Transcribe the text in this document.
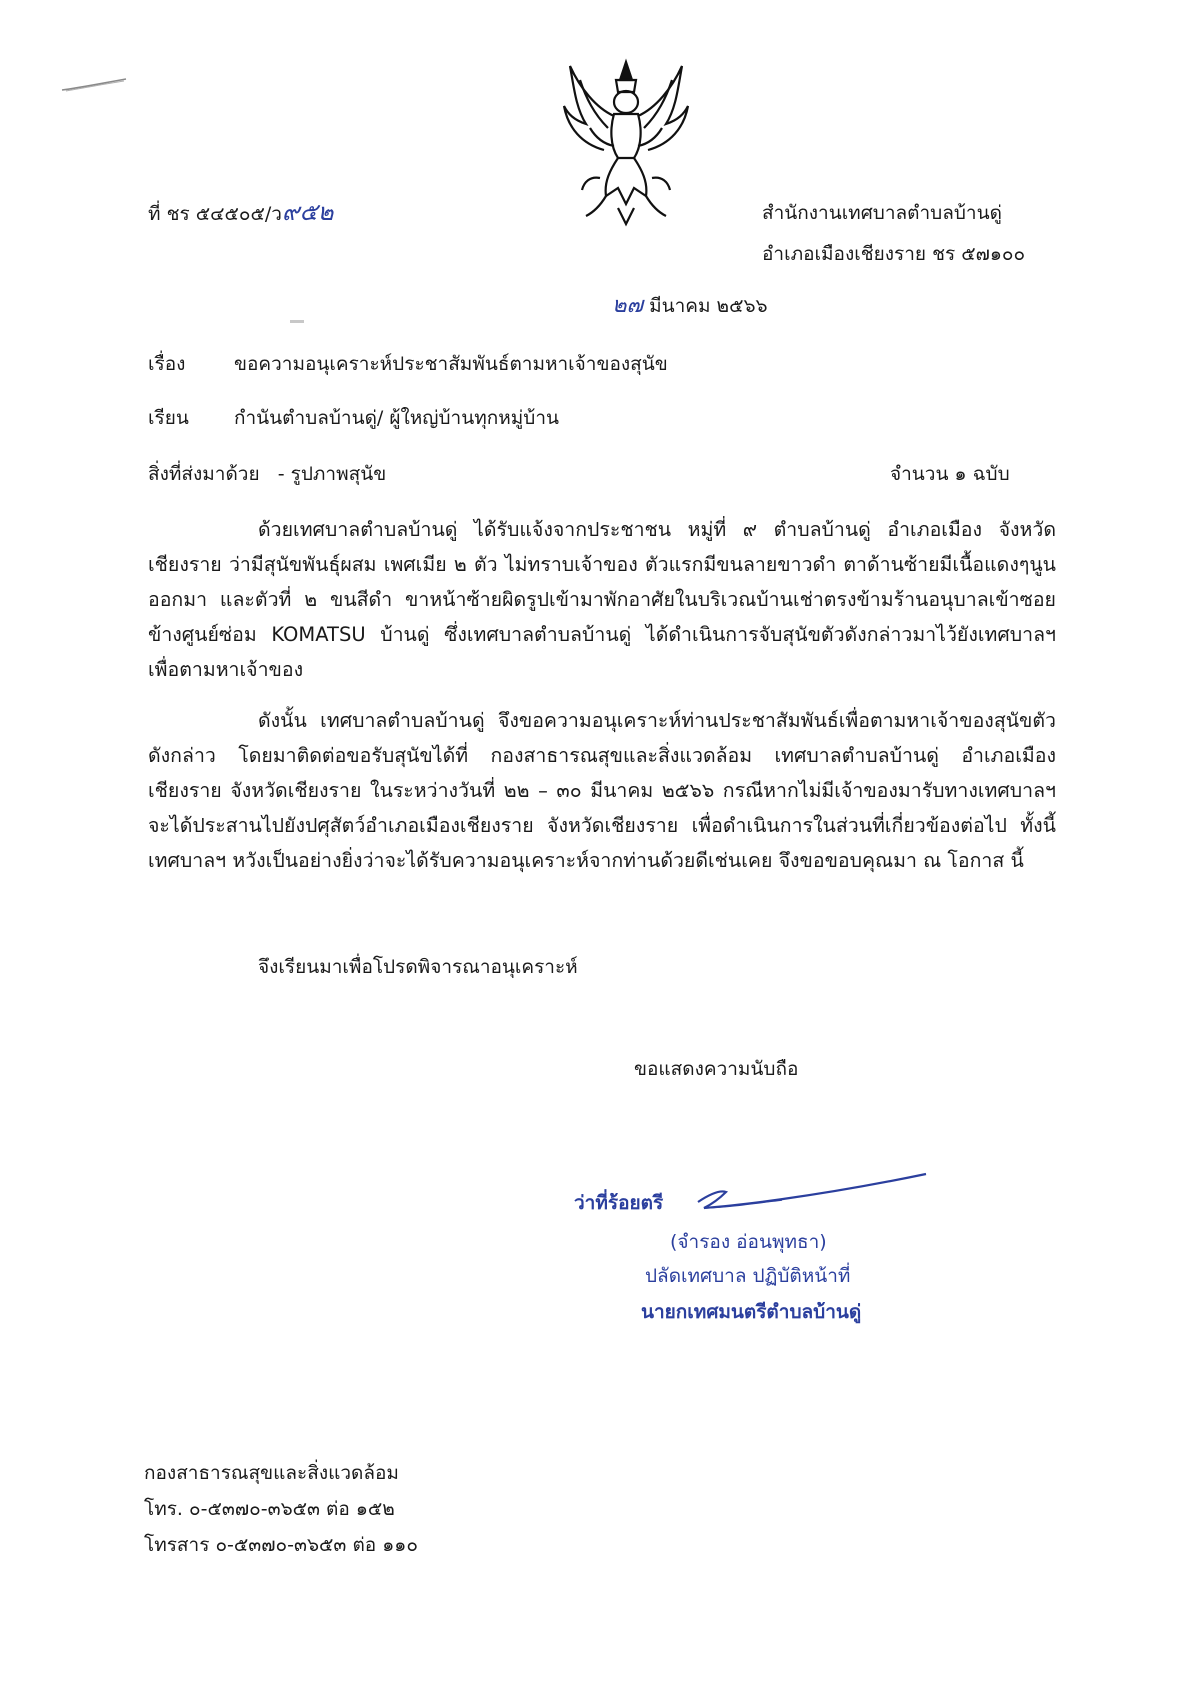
ที่ ชร ๕๔๕๐๕/ว๙๕๒	สำนักงานเทศบาลตำบลบ้านดู่
อำเภอเมืองเชียงราย ชร ๕๗๑๐๐
๒๗ มีนาคม ๒๕๖๖
เรื่อง	ขอความอนุเคราะห์ประชาสัมพันธ์ตามหาเจ้าของสุนัข
เรียน กำนันตำบลบ้านดู่/ ผู้ใหญ่บ้านทุกหมู่บ้าน
สิ่งที่ส่งมาด้วย - รูปภาพสุนัข	จำนวน ๑ ฉบับ
ด้วยเทศบาลตำบลบ้านดู่ ได้รับแจ้งจากประชาชน หมู่ที่ ๙ ตำบลบ้านดู่ อำเภอเมือง จังหวัดเชียงราย ว่ามีสุนัขพันธุ์ผสม เพศเมีย ๒ ตัว ไม่ทราบเจ้าของ ตัวแรกมีขนลายขาวดำ ตาด้านซ้ายมีเนื้อแดงๆนูนออกมา และตัวที่ ๒ ขนสีดำ ขาหน้าซ้ายผิดรูปเข้ามาพักอาศัยในบริเวณบ้านเช่าตรงข้ามร้านอนุบาลเข้าซอยข้างศูนย์ซ่อม KOMATSU บ้านดู่ ซึ่งเทศบาลตำบลบ้านดู่ ได้ดำเนินการจับสุนัขตัวดังกล่าวมาไว้ยังเทศบาลฯ เพื่อตามหาเจ้าของ
ดังนั้น เทศบาลตำบลบ้านดู่ จึงขอความอนุเคราะห์ท่านประชาสัมพันธ์เพื่อตามหาเจ้าของสุนัขตัวดังกล่าว โดยมาติดต่อขอรับสุนัขได้ที่ กองสาธารณสุขและสิ่งแวดล้อม เทศบาลตำบลบ้านดู่ อำเภอเมืองเชียงราย จังหวัดเชียงราย ในระหว่างวันที่ ๒๒ – ๓๐ มีนาคม ๒๕๖๖ กรณีหากไม่มีเจ้าของมารับทางเทศบาลฯจะได้ประสานไปยังปศุสัตว์อำเภอเมืองเชียงราย จังหวัดเชียงราย เพื่อดำเนินการในส่วนที่เกี่ยวข้องต่อไป ทั้งนี้เทศบาลฯ หวังเป็นอย่างยิ่งว่าจะได้รับความอนุเคราะห์จากท่านด้วยดีเช่นเคย จึงขอขอบคุณมา ณ โอกาส นี้
จึงเรียนมาเพื่อโปรดพิจารณาอนุเคราะห์
ขอแสดงความนับถือ
ว่าที่ร้อยตรี
(จำรอง อ่อนพุทธา)
ปลัดเทศบาล ปฏิบัติหน้าที่
นายกเทศมนตรีตำบลบ้านดู่
กองสาธารณสุขและสิ่งแวดล้อม
โทร. ๐-๕๓๗๐-๓๖๕๓ ต่อ ๑๕๒
โทรสาร ๐-๕๓๗๐-๓๖๕๓ ต่อ ๑๑๐
